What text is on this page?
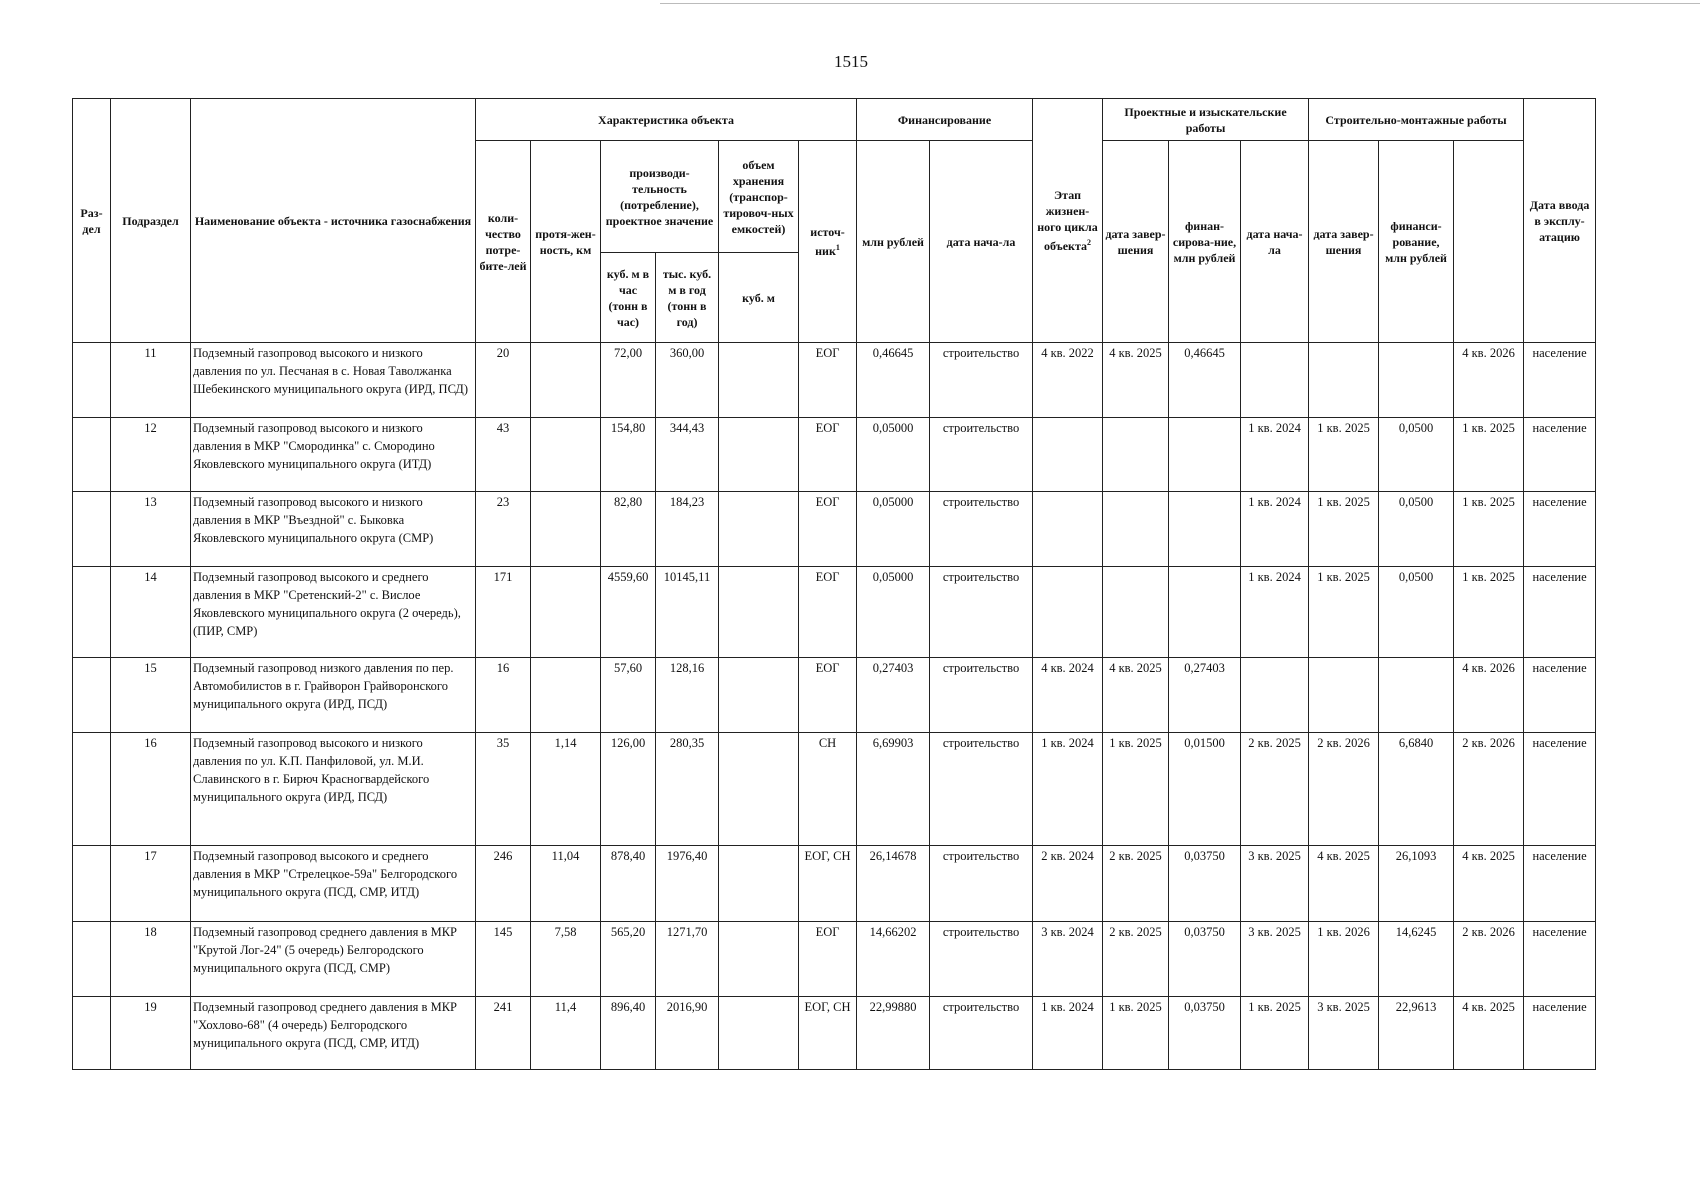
1515
Раз-дел	Подраздел	Наименование объекта - источника газоснабжения	Характеристика объекта						Финансирование		Этап жизнен-ного цикла объекта$^2$	Проектные и изыскательские работы			Строительно-монтажные работы			Дата ввода в эксплу-атацию	
			коли-чество потре-бите-лей	протя-жен-ность, км	производи-тельность (потребление), проектное значение		объем хранения (транспор-тировоч-ных емкостей)	источ-ник$^1$	млн рублей	дата нача-ла		дата завер-шения	финан-сирова-ние, млн рублей	дата нача-ла	дата завер-шения	финанси-рование, млн рублей			
					куб. м в час (тонн в час)	тыс. куб. м в год (тонн в год)	куб. м												
	11	Подземный газопровод высокого и низкого давления по ул. Песчаная в с. Новая Таволжанка Шебекинского муниципального округа (ИРД, ПСД)	20		72,00	360,00		ЕОГ	0,46645	строительство	4 кв. 2022	4 кв. 2025	0,46645				4 кв. 2026	население	
	12	Подземный газопровод высокого и низкого давления в МКР "Смородинка" с. Смородино Яковлевского муниципального округа (ИТД)	43		154,80	344,43		ЕОГ	0,05000	строительство				1 кв. 2024	1 кв. 2025	0,0500	1 кв. 2025	население	
	13	Подземный газопровод высокого и низкого давления в МКР "Въездной" с. Быковка Яковлевского муниципального округа (СМР)	23		82,80	184,23		ЕОГ	0,05000	строительство				1 кв. 2024	1 кв. 2025	0,0500	1 кв. 2025	население	
	14	Подземный газопровод высокого и среднего давления в МКР "Сретенский-2" с. Вислое Яковлевского муниципального округа (2 очередь), (ПИР, СМР)	171		4559,60	10145,11		ЕОГ	0,05000	строительство				1 кв. 2024	1 кв. 2025	0,0500	1 кв. 2025	население	
	15	Подземный газопровод низкого давления по пер. Автомобилистов в г. Грайворон Грайворонского муниципального округа (ИРД, ПСД)	16		57,60	128,16		ЕОГ	0,27403	строительство	4 кв. 2024	4 кв. 2025	0,27403				4 кв. 2026	население	
	16	Подземный газопровод высокого и низкого давления по ул. К.П. Панфиловой, ул. М.И. Славинского в г. Бирюч Красногвардейского муниципального округа (ИРД, ПСД)	35	1,14	126,00	280,35		СН	6,69903	строительство	1 кв. 2024	1 кв. 2025	0,01500	2 кв. 2025	2 кв. 2026	6,6840	2 кв. 2026	население	
	17	Подземный газопровод высокого и среднего давления в МКР "Стрелецкое-59а" Белгородского муниципального округа (ПСД, СМР, ИТД)	246	11,04	878,40	1976,40		ЕОГ, СН	26,14678	строительство	2 кв. 2024	2 кв. 2025	0,03750	3 кв. 2025	4 кв. 2025	26,1093	4 кв. 2025	население	
	18	Подземный газопровод среднего давления в МКР "Крутой Лог-24" (5 очередь) Белгородского муниципального округа (ПСД, СМР)	145	7,58	565,20	1271,70		ЕОГ	14,66202	строительство	3 кв. 2024	2 кв. 2025	0,03750	3 кв. 2025	1 кв. 2026	14,6245	2 кв. 2026	население	
	19	Подземный газопровод среднего давления в МКР "Хохлово-68" (4 очередь) Белгородского муниципального округа (ПСД, СМР, ИТД)	241	11,4	896,40	2016,90		ЕОГ, СН	22,99880	строительство	1 кв. 2024	1 кв. 2025	0,03750	1 кв. 2025	3 кв. 2025	22,9613	4 кв. 2025	население	
